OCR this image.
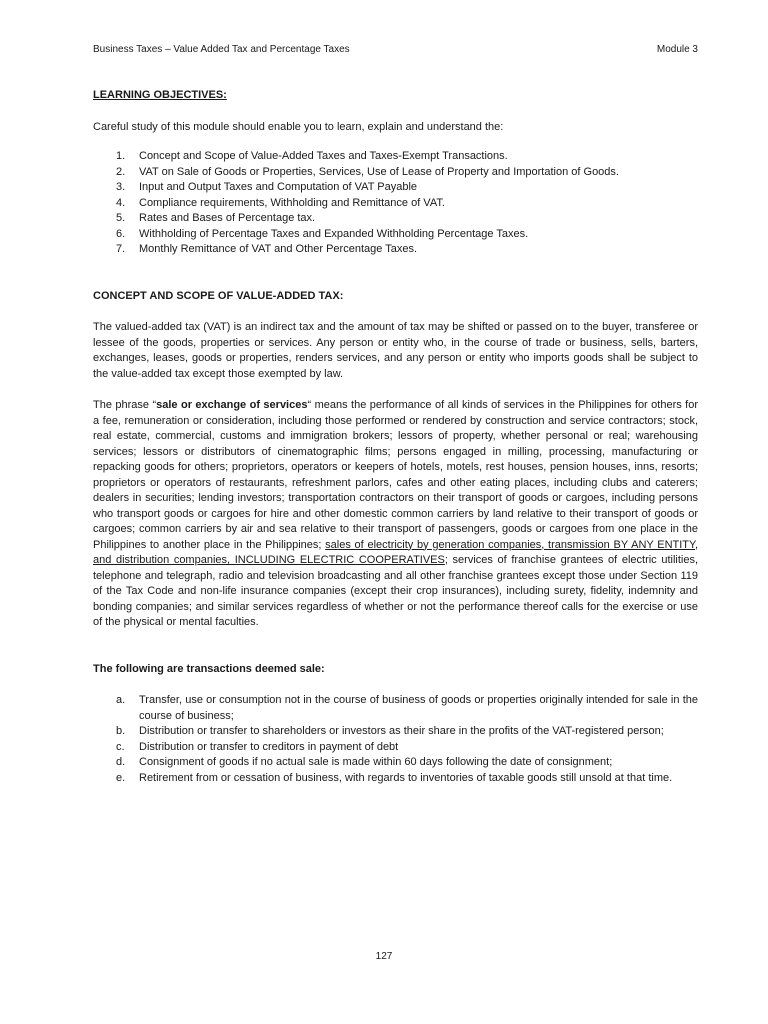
Business Taxes – Value Added Tax and Percentage Taxes	Module 3

LEARNING OBJECTIVES:

Careful study of this module should enable you to learn, explain and understand the:

1. Concept and Scope of Value-Added Taxes and Taxes-Exempt Transactions.
2. VAT on Sale of Goods or Properties, Services, Use of Lease of Property and Importation of Goods.
3. Input and Output Taxes and Computation of VAT Payable
4. Compliance requirements, Withholding and Remittance of VAT.
5. Rates and Bases of Percentage tax.
6. Withholding of Percentage Taxes and Expanded Withholding Percentage Taxes.
7. Monthly Remittance of VAT and Other Percentage Taxes.

CONCEPT AND SCOPE OF VALUE-ADDED TAX:

The valued-added tax (VAT) is an indirect tax and the amount of tax may be shifted or passed on to the buyer, transferee or lessee of the goods, properties or services. Any person or entity who, in the course of trade or business, sells, barters, exchanges, leases, goods or properties, renders services, and any person or entity who imports goods shall be subject to the value-added tax except those exempted by law.

The phrase “sale or exchange of services“ means the performance of all kinds of services in the Philippines for others for a fee, remuneration or consideration, including those performed or rendered by construction and service contractors; stock, real estate, commercial, customs and immigration brokers; lessors of property, whether personal or real; warehousing services; lessors or distributors of cinematographic films; persons engaged in milling, processing, manufacturing or repacking goods for others; proprietors, operators or keepers of hotels, motels, rest houses, pension houses, inns, resorts; proprietors or operators of restaurants, refreshment parlors, cafes and other eating places, including clubs and caterers; dealers in securities; lending investors; transportation contractors on their transport of goods or cargoes, including persons who transport goods or cargoes for hire and other domestic common carriers by land relative to their transport of goods or cargoes; common carriers by air and sea relative to their transport of passengers, goods or cargoes from one place in the Philippines to another place in the Philippines; sales of electricity by generation companies, transmission BY ANY ENTITY, and distribution companies, INCLUDING ELECTRIC COOPERATIVES; services of franchise grantees of electric utilities, telephone and telegraph, radio and television broadcasting and all other franchise grantees except those under Section 119 of the Tax Code and non-life insurance companies (except their crop insurances), including surety, fidelity, indemnity and bonding companies; and similar services regardless of whether or not the performance thereof calls for the exercise or use of the physical or mental faculties.

The following are transactions deemed sale:

a. Transfer, use or consumption not in the course of business of goods or properties originally intended for sale in the course of business;
b. Distribution or transfer to shareholders or investors as their share in the profits of the VAT-registered person;
c. Distribution or transfer to creditors in payment of debt
d. Consignment of goods if no actual sale is made within 60 days following the date of consignment;
e. Retirement from or cessation of business, with regards to inventories of taxable goods still unsold at that time.
127
